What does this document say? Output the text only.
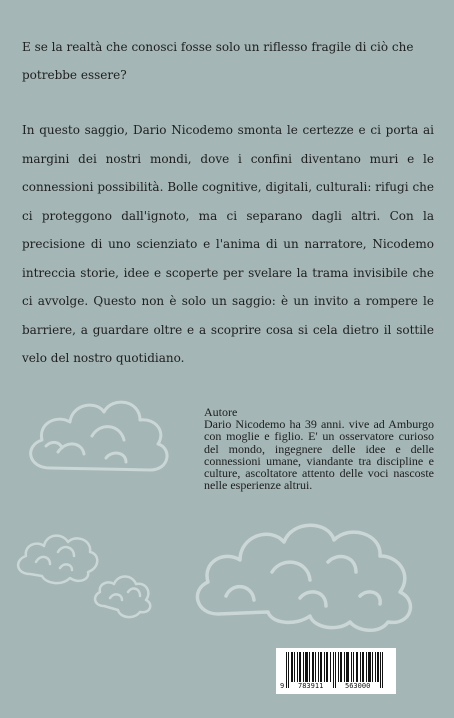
E se la realtà che conosci fosse solo un riflesso fragile di ciò che potrebbe essere?

In questo saggio, Dario Nicodemo smonta le certezze e ci porta ai margini dei nostri mondi, dove i confini diventano muri e le connessioni possibilità. Bolle cognitive, digitali, culturali: rifugi che ci proteggono dall'ignoto, ma ci separano dagli altri. Con la precisione di uno scienziato e l'anima di un narratore, Nicodemo intreccia storie, idee e scoperte per svelare la trama invisibile che ci avvolge. Questo non è solo un saggio: è un invito a rompere le barriere, a guardare oltre e a scoprire cosa si cela dietro il sottile velo del nostro quotidiano.

Autore

Dario Nicodemo ha 39 anni. vive ad Amburgo con moglie e figlio. E' un osservatore curioso del mondo, ingegnere delle idee e delle connessioni umane, viandante tra discipline e culture, ascoltatore attento delle voci nascoste nelle esperienze altrui.

9 783911	563000
